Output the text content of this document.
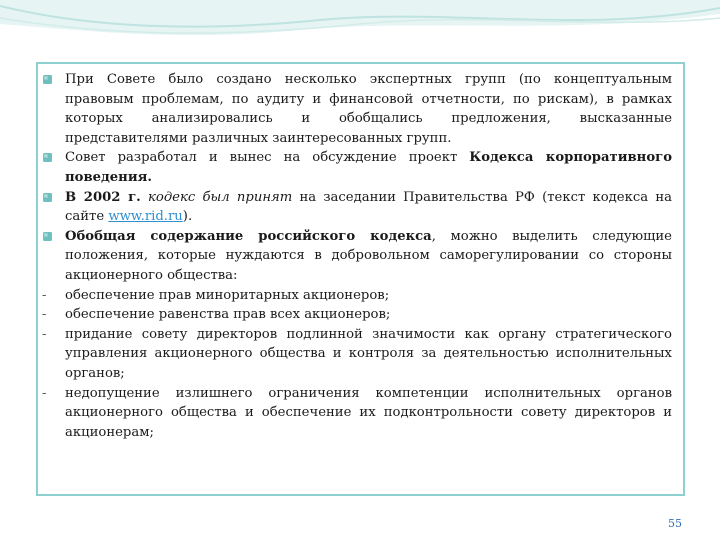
При Совете было создано несколько экспертных групп (по концептуальным правовым проблемам, по аудиту и финансовой отчетности, по рискам), в рамках которых анализировались и обобщались предложения, высказанные представителями различных заинтересованных групп.
Совет разработал и вынес на обсуждение проект Кодекса корпоративного поведения.
В 2002 г. кодекс был принят на заседании Правительства РФ (текст кодекса на сайте www.rid.ru).
Обобщая содержание российского кодекса, можно выделить следующие положения, которые нуждаются в добровольном саморегулировании со стороны акционерного общества:
-	обеспечение прав миноритарных акционеров;
-	обеспечение равенства прав всех акционеров;
-	придание совету директоров подлинной значимости как органу стратегического управления акционерного общества и контроля за деятельностью исполнительных органов;
-	недопущение излишнего ограничения компетенции исполнительных органов акционерного общества и обеспечение их подконтрольности совету директоров и акционерам;
55
